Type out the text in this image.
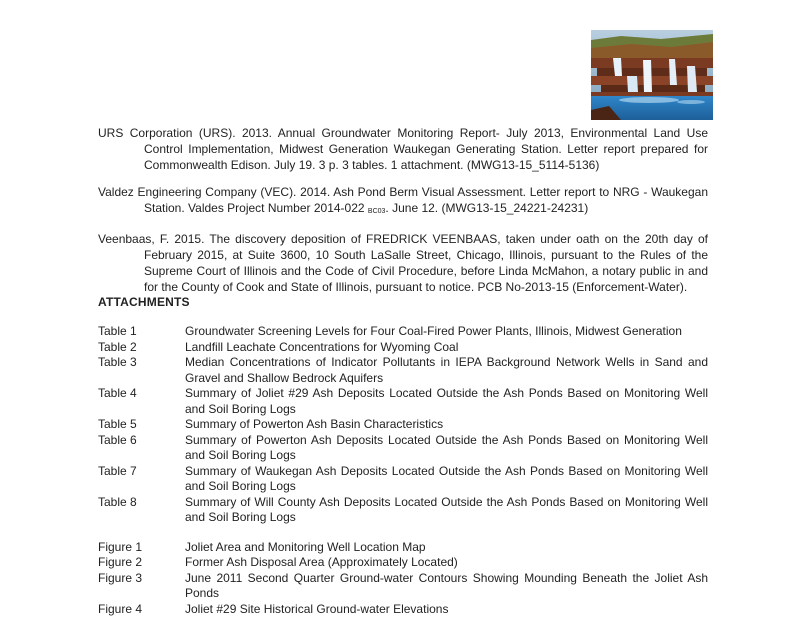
URS Corporation (URS). 2013. Annual Groundwater Monitoring Report- July 2013, Environmental Land Use Control Implementation, Midwest Generation Waukegan Generating Station. Letter report prepared for Commonwealth Edison. July 19. 3 p. 3 tables. 1 attachment. (MWG13-15_5114-5136)

Valdez Engineering Company (VEC). 2014. Ash Pond Berm Visual Assessment. Letter report to NRG - Waukegan Station. Valdes Project Number 2014-022 BC03. June 12. (MWG13-15_24221-24231)

Veenbaas, F. 2015. The discovery deposition of FREDRICK VEENBAAS, taken under oath on the 20th day of February 2015, at Suite 3600, 10 South LaSalle Street, Chicago, Illinois, pursuant to the Rules of the Supreme Court of Illinois and the Code of Civil Procedure, before Linda McMahon, a notary public in and for the County of Cook and State of Illinois, pursuant to notice. PCB No-2013-15 (Enforcement-Water).

ATTACHMENTS
Table 1	Groundwater Screening Levels for Four Coal-Fired Power Plants, Illinois, Midwest Generation
Table 2	Landfill Leachate Concentrations for Wyoming Coal
Table 3	Median Concentrations of Indicator Pollutants in IEPA Background Network Wells in Sand and Gravel and Shallow Bedrock Aquifers
Table 4	Summary of Joliet #29 Ash Deposits Located Outside the Ash Ponds Based on Monitoring Well and Soil Boring Logs
Table 5	Summary of Powerton Ash Basin Characteristics
Table 6	Summary of Powerton Ash Deposits Located Outside the Ash Ponds Based on Monitoring Well and Soil Boring Logs
Table 7	Summary of Waukegan Ash Deposits Located Outside the Ash Ponds Based on Monitoring Well and Soil Boring Logs
Table 8	Summary of Will County Ash Deposits Located Outside the Ash Ponds Based on Monitoring Well and Soil Boring Logs
Figure 1	Joliet Area and Monitoring Well Location Map
Figure 2	Former Ash Disposal Area (Approximately Located)
Figure 3	June 2011 Second Quarter Ground-water Contours Showing Mounding Beneath the Joliet Ash Ponds
Figure 4	Joliet #29 Site Historical Ground-water Elevations
